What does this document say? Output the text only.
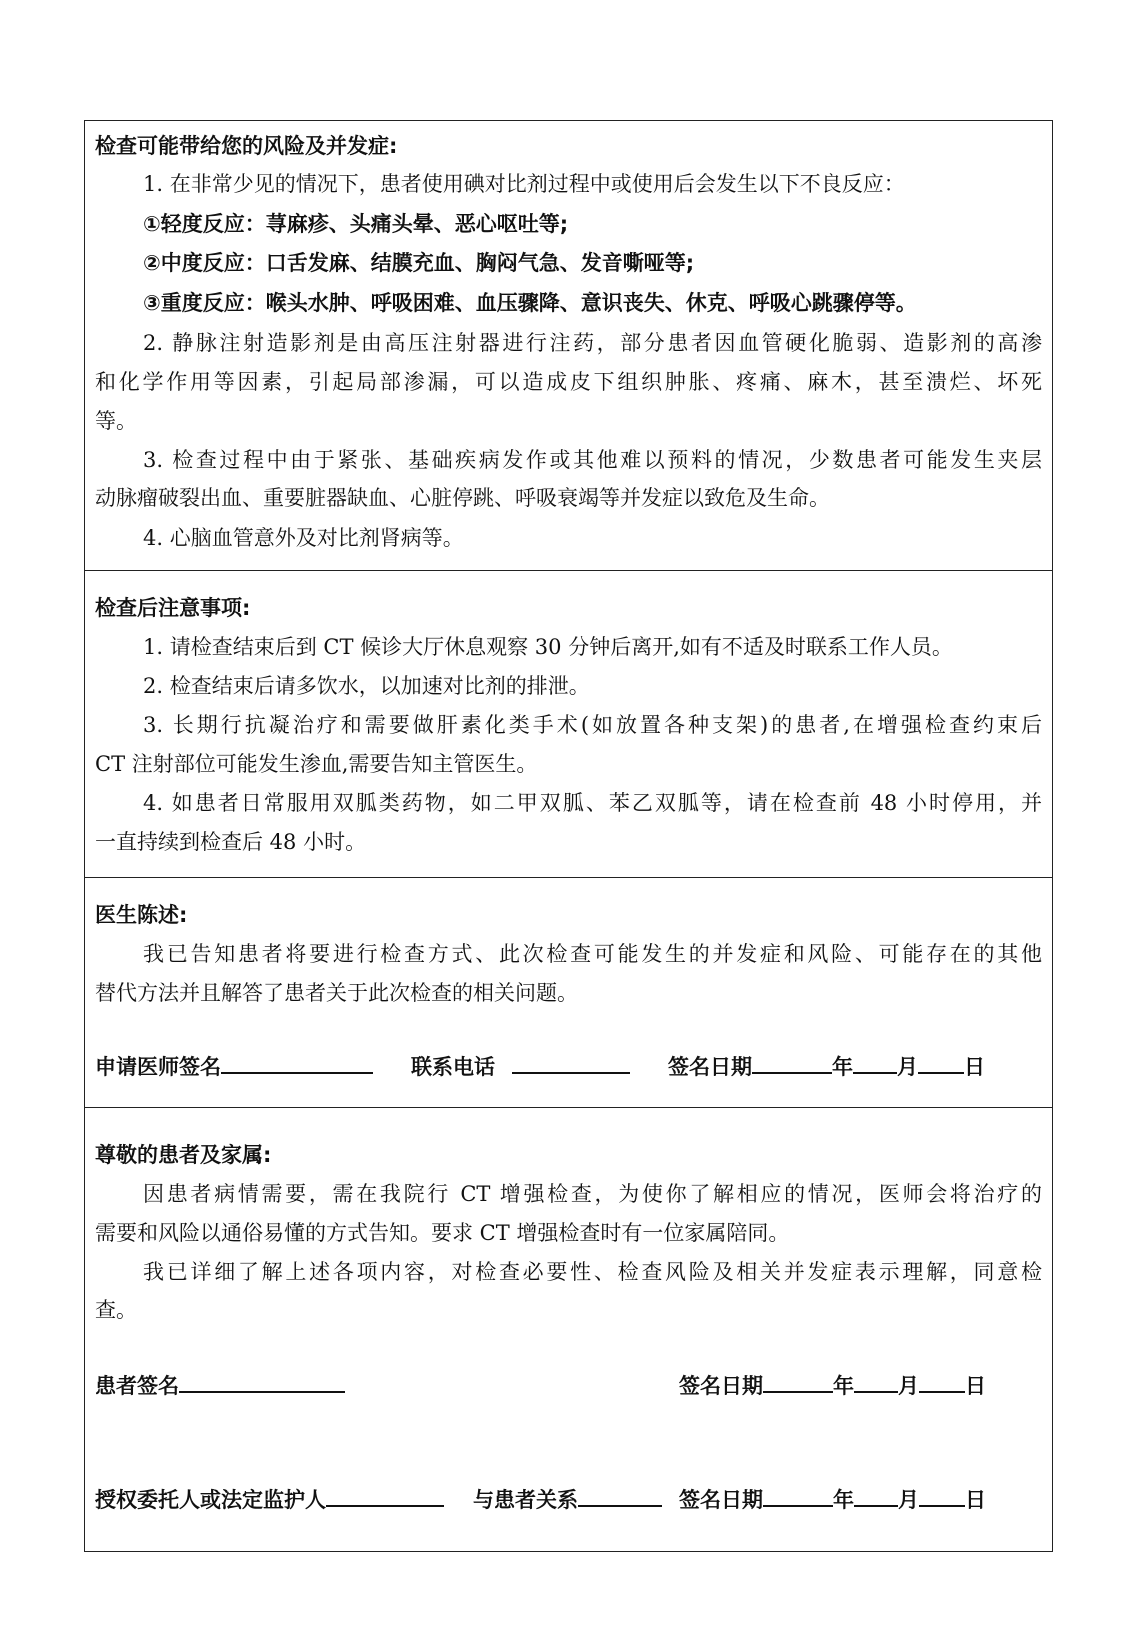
检查可能带给您的风险及并发症:
1. 在非常少见的情况下，患者使用碘对比剂过程中或使用后会发生以下不良反应：
①轻度反应：荨麻疹、头痛头晕、恶心呕吐等;
②中度反应：口舌发麻、结膜充血、胸闷气急、发音嘶哑等;
③重度反应：喉头水肿、呼吸困难、血压骤降、意识丧失、休克、呼吸心跳骤停等。
2. 静脉注射造影剂是由高压注射器进行注药，部分患者因血管硬化脆弱、造影剂的高渗
和化学作用等因素，引起局部渗漏，可以造成皮下组织肿胀、疼痛、麻木，甚至溃烂、坏死
等。
3. 检查过程中由于紧张、基础疾病发作或其他难以预料的情况，少数患者可能发生夹层
动脉瘤破裂出血、重要脏器缺血、心脏停跳、呼吸衰竭等并发症以致危及生命。
4. 心脑血管意外及对比剂肾病等。
检查后注意事项:
1. 请检查结束后到 CT 候诊大厅休息观察 30 分钟后离开,如有不适及时联系工作人员。
2. 检查结束后请多饮水，以加速对比剂的排泄。
3. 长期行抗凝治疗和需要做肝素化类手术(如放置各种支架)的患者,在增强检查约束后
CT 注射部位可能发生渗血,需要告知主管医生。
4. 如患者日常服用双胍类药物，如二甲双胍、苯乙双胍等，请在检查前 48 小时停用，并
一直持续到检查后 48 小时。
医生陈述:
我已告知患者将要进行检查方式、此次检查可能发生的并发症和风险、可能存在的其他
替代方法并且解答了患者关于此次检查的相关问题。
申请医师签名	联系电话	签名日期	年 月 日
尊敬的患者及家属:
因患者病情需要，需在我院行 CT 增强检查，为使你了解相应的情况，医师会将治疗的
需要和风险以通俗易懂的方式告知。要求 CT 增强检查时有一位家属陪同。
我已详细了解上述各项内容，对检查必要性、检查风险及相关并发症表示理解，同意检
查。
患者签名	签名日期	年 月 日
授权委托人或法定监护人	与患者关系	签名日期	年 月 日
